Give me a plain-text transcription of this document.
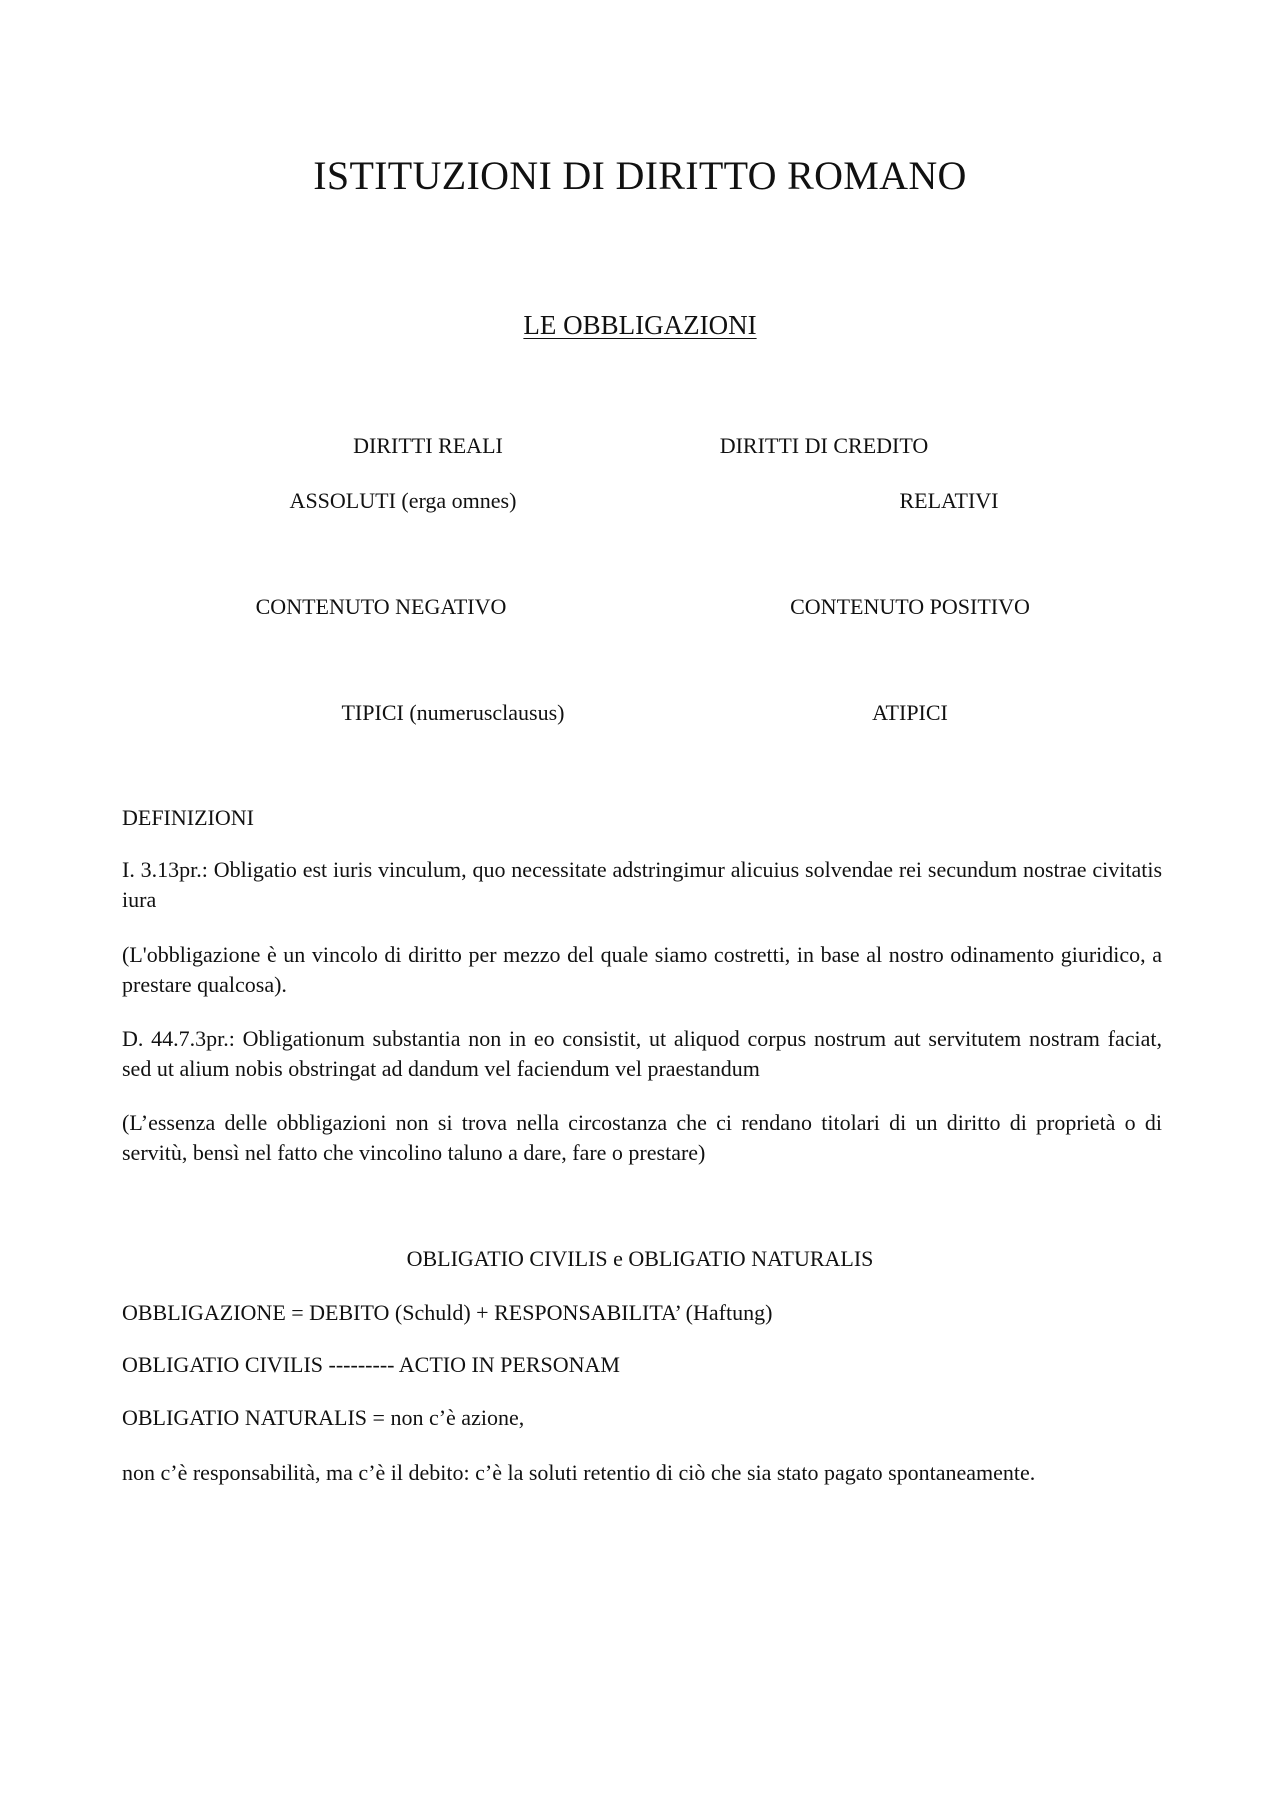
ISTITUZIONI DI DIRITTO ROMANO
LE OBBLIGAZIONI
DIRITTI REALI	DIRITTI DI CREDITO
ASSOLUTI (erga omnes)	RELATIVI
CONTENUTO NEGATIVO	CONTENUTO POSITIVO
TIPICI (numerusclausus)	ATIPICI
DEFINIZIONI
I. 3.13pr.: Obligatio est iuris vinculum, quo necessitate adstringimur alicuius solvendae rei secundum nostrae civitatis iura
(L'obbligazione è un vincolo di diritto per mezzo del quale siamo costretti, in base al nostro odinamento giuridico, a prestare qualcosa).
D. 44.7.3pr.: Obligationum substantia non in eo consistit, ut aliquod corpus nostrum aut servitutem nostram faciat, sed ut alium nobis obstringat ad dandum vel faciendum vel praestandum
(L’essenza delle obbligazioni non si trova nella circostanza che ci rendano titolari di un diritto di proprietà o di servitù, bensì nel fatto che vincolino taluno a dare, fare o prestare)
OBLIGATIO CIVILIS e OBLIGATIO NATURALIS
OBBLIGAZIONE = DEBITO (Schuld) + RESPONSABILITA’ (Haftung)
OBLIGATIO CIVILIS --------- ACTIO IN PERSONAM
OBLIGATIO NATURALIS = non c’è azione,
non c’è responsabilità, ma c’è il debito: c’è la soluti retentio di ciò che sia stato pagato spontaneamente.
